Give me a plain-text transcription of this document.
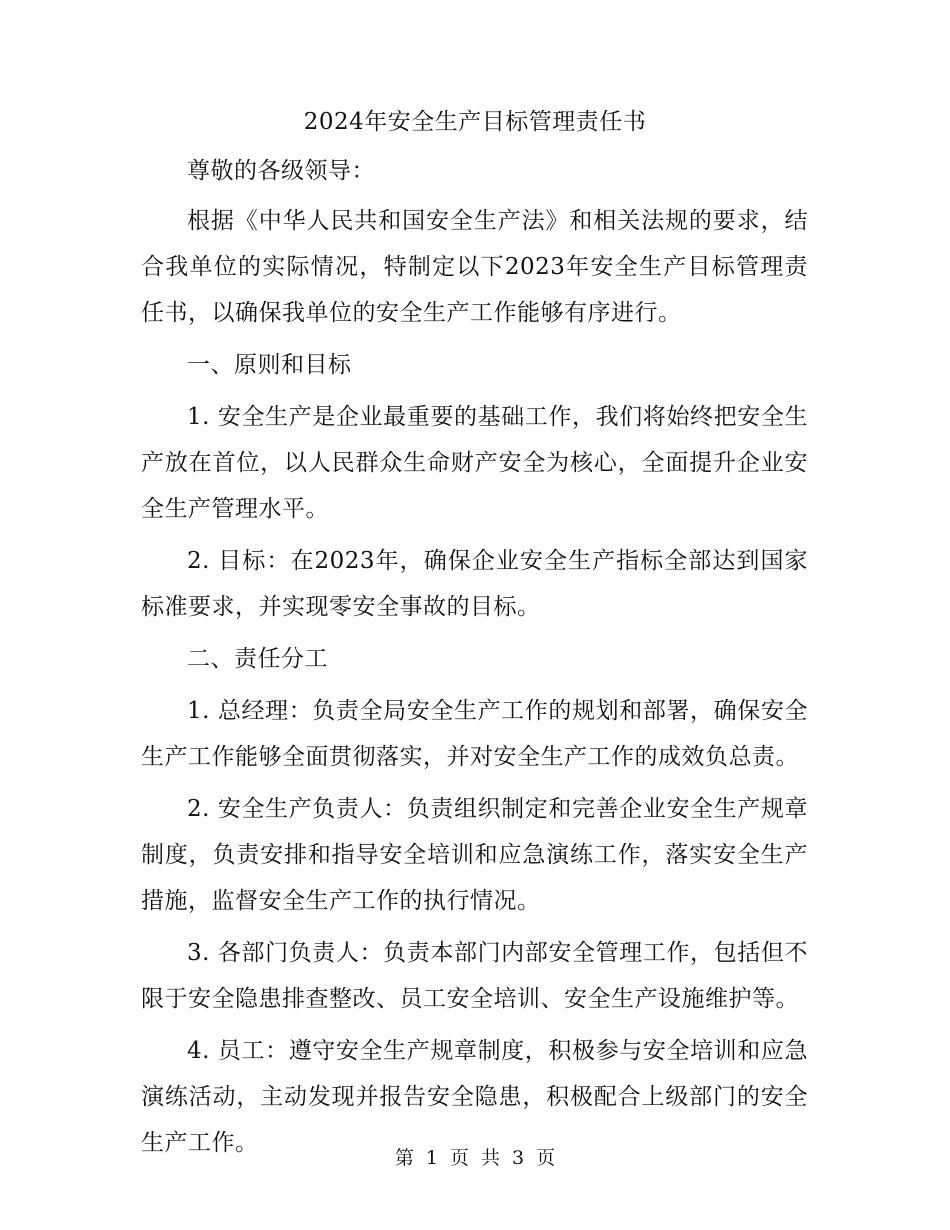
2024年安全生产目标管理责任书

尊敬的各级领导：

根据《中华人民共和国安全生产法》和相关法规的要求，结合我单位的实际情况，特制定以下2023年安全生产目标管理责任书，以确保我单位的安全生产工作能够有序进行。

一、原则和目标

1. 安全生产是企业最重要的基础工作，我们将始终把安全生产放在首位，以人民群众生命财产安全为核心，全面提升企业安全生产管理水平。

2. 目标：在2023年，确保企业安全生产指标全部达到国家标准要求，并实现零安全事故的目标。

二、责任分工

1. 总经理：负责全局安全生产工作的规划和部署，确保安全生产工作能够全面贯彻落实，并对安全生产工作的成效负总责。

2. 安全生产负责人：负责组织制定和完善企业安全生产规章制度，负责安排和指导安全培训和应急演练工作，落实安全生产措施，监督安全生产工作的执行情况。

3. 各部门负责人：负责本部门内部安全管理工作，包括但不限于安全隐患排查整改、员工安全培训、安全生产设施维护等。

4. 员工：遵守安全生产规章制度，积极参与安全培训和应急演练活动，主动发现并报告安全隐患，积极配合上级部门的安全生产工作。

第 1 页 共 3 页
